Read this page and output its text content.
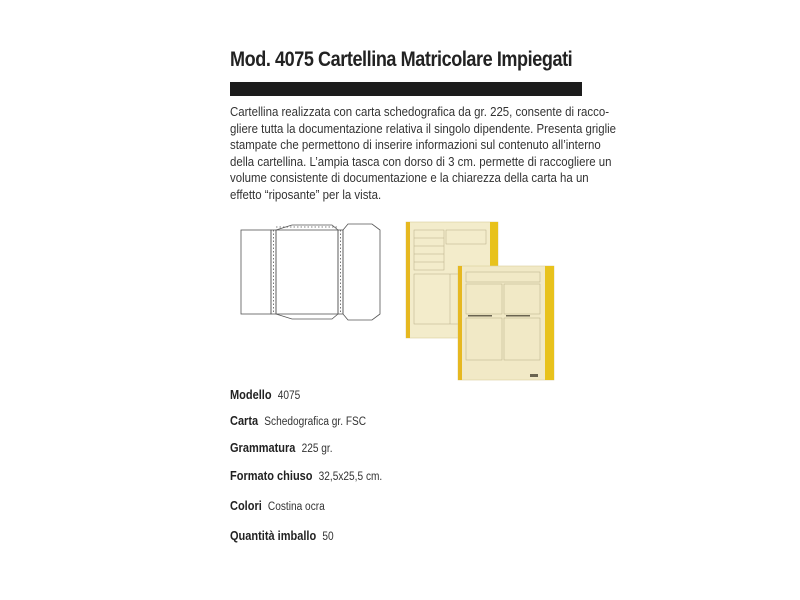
Mod. 4075 Cartellina Matricolare Impiegati
Cartellina realizzata con carta schedografica da gr. 225, consente di racco-
gliere tutta la documentazione relativa il singolo dipendente. Presenta griglie
stampate che permettono di inserire informazioni sul contenuto all’interno
della cartellina. L’ampia tasca con dorso di 3 cm. permette di raccogliere un
volume consistente di documentazione e la chiarezza della carta ha un
effetto “riposante” per la vista.
Modello 4075
Carta Schedografica gr. FSC
Grammatura 225 gr.
Formato chiuso 32,5x25,5 cm.
Colori Costina ocra
Quantità imballo 50
